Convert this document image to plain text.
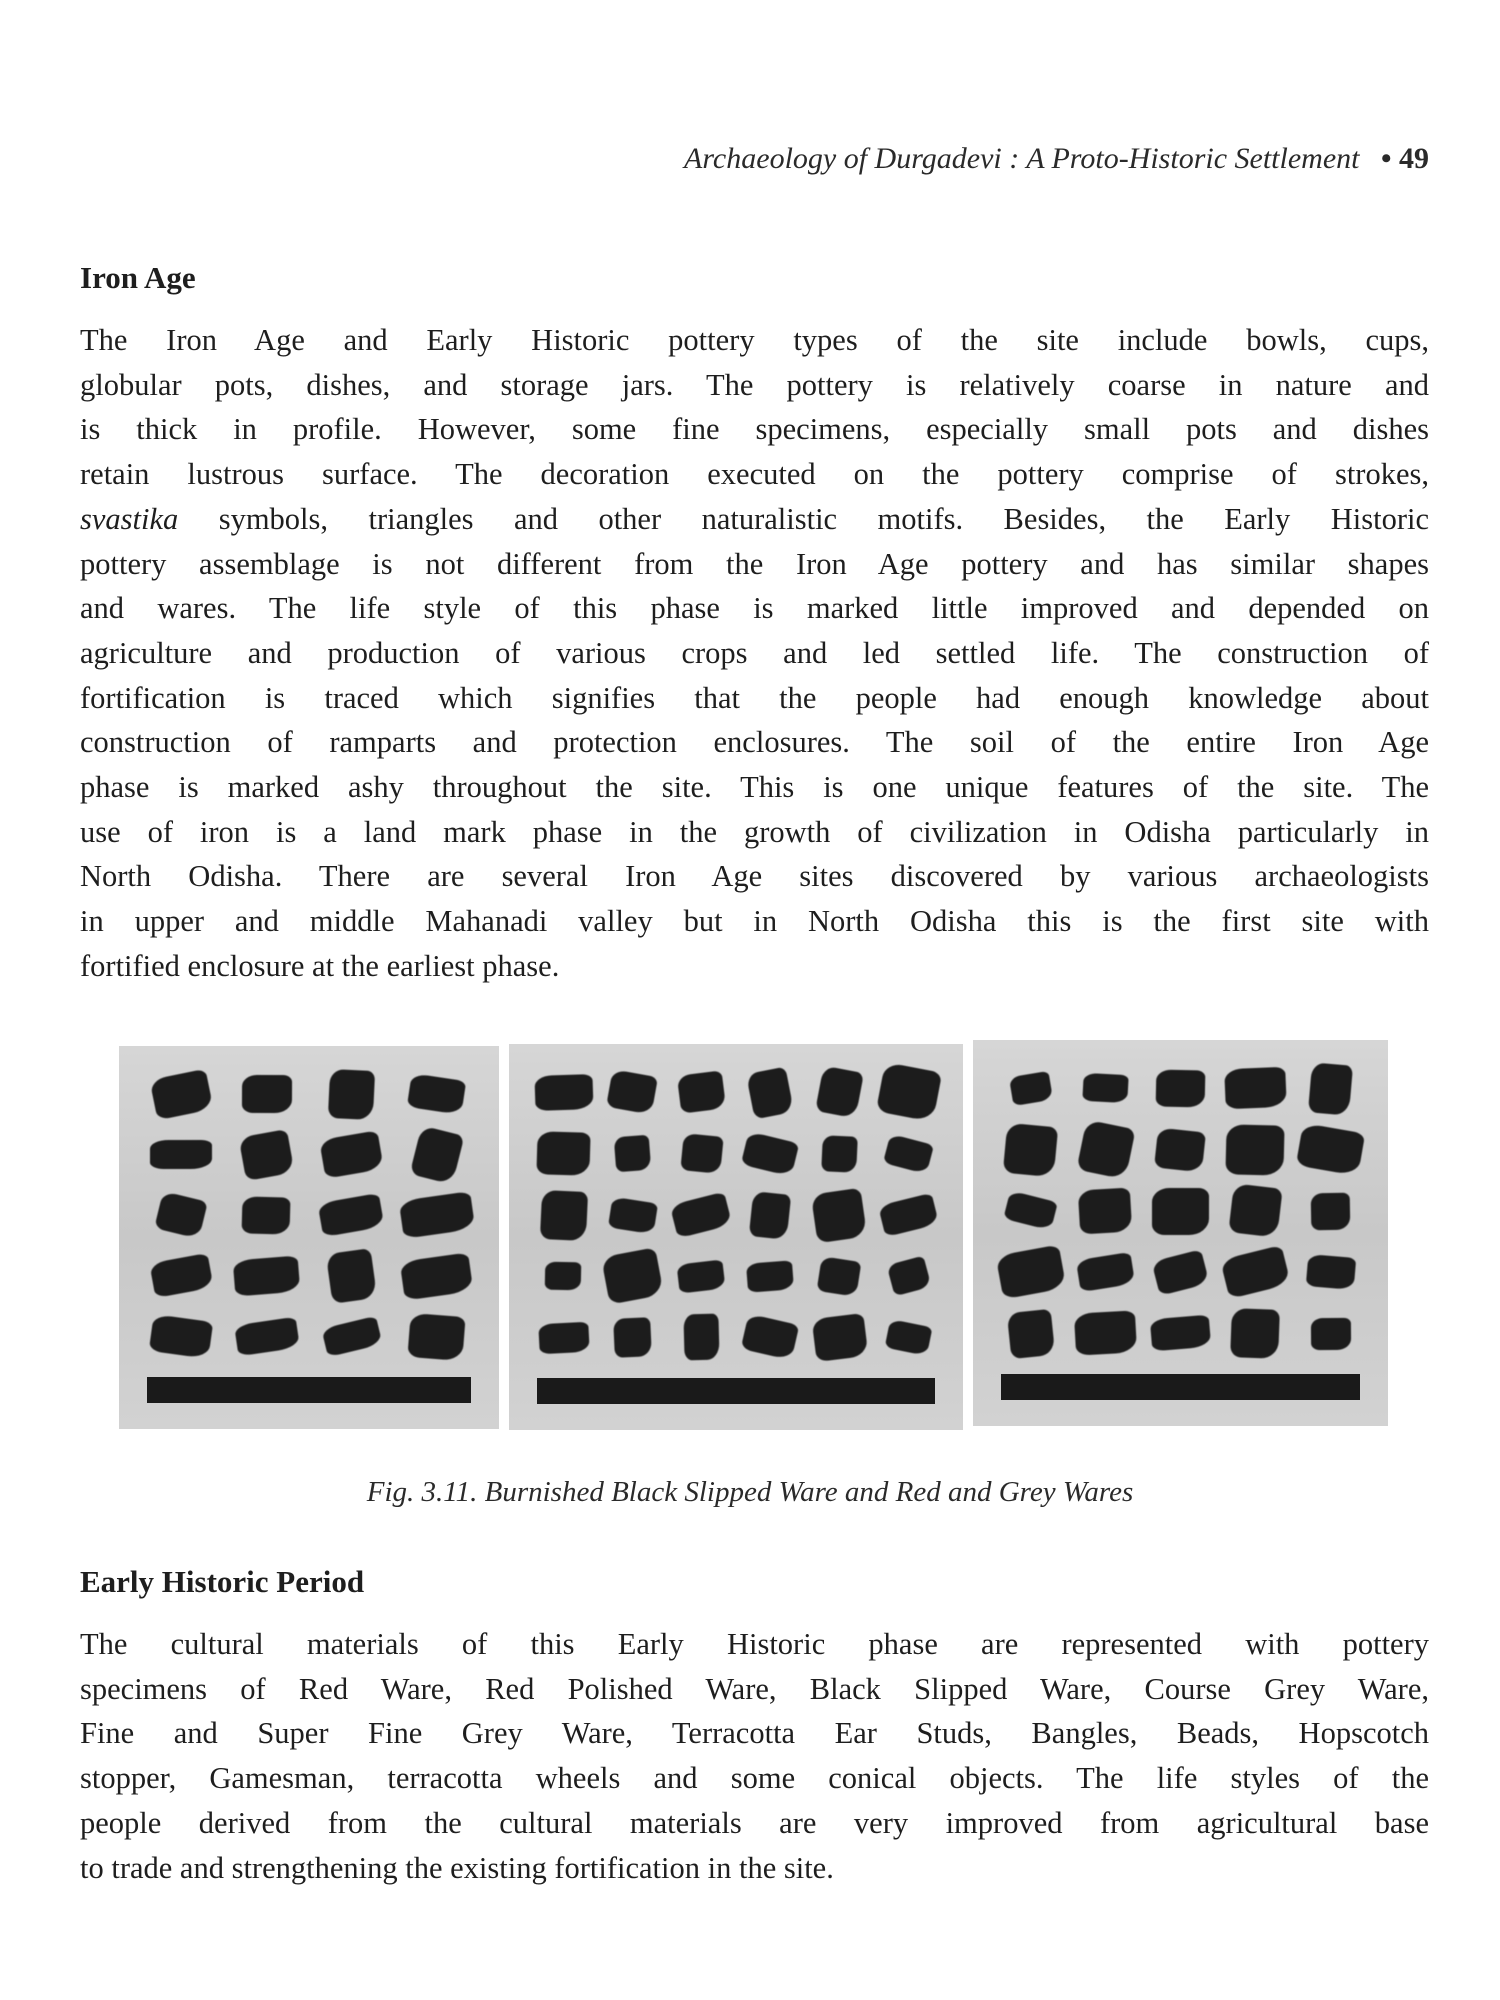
Archaeology of Durgadevi : A Proto-Historic Settlement • 49
Iron Age
The Iron Age and Early Historic pottery types of the site include bowls, cups,
globular pots, dishes, and storage jars. The pottery is relatively coarse in nature and
is thick in profile. However, some fine specimens, especially small pots and dishes
retain lustrous surface. The decoration executed on the pottery comprise of strokes,
svastika symbols, triangles and other naturalistic motifs. Besides, the Early Historic
pottery assemblage is not different from the Iron Age pottery and has similar shapes
and wares. The life style of this phase is marked little improved and depended on
agriculture and production of various crops and led settled life. The construction of
fortification is traced which signifies that the people had enough knowledge about
construction of ramparts and protection enclosures. The soil of the entire Iron Age
phase is marked ashy throughout the site. This is one unique features of the site. The
use of iron is a land mark phase in the growth of civilization in Odisha particularly in
North Odisha. There are several Iron Age sites discovered by various archaeologists
in upper and middle Mahanadi valley but in North Odisha this is the first site with
fortified enclosure at the earliest phase.
Fig. 3.11. Burnished Black Slipped Ware and Red and Grey Wares
Early Historic Period
The cultural materials of this Early Historic phase are represented with pottery
specimens of Red Ware, Red Polished Ware, Black Slipped Ware, Course Grey Ware,
Fine and Super Fine Grey Ware, Terracotta Ear Studs, Bangles, Beads, Hopscotch
stopper, Gamesman, terracotta wheels and some conical objects. The life styles of the
people derived from the cultural materials are very improved from agricultural base
to trade and strengthening the existing fortification in the site.
